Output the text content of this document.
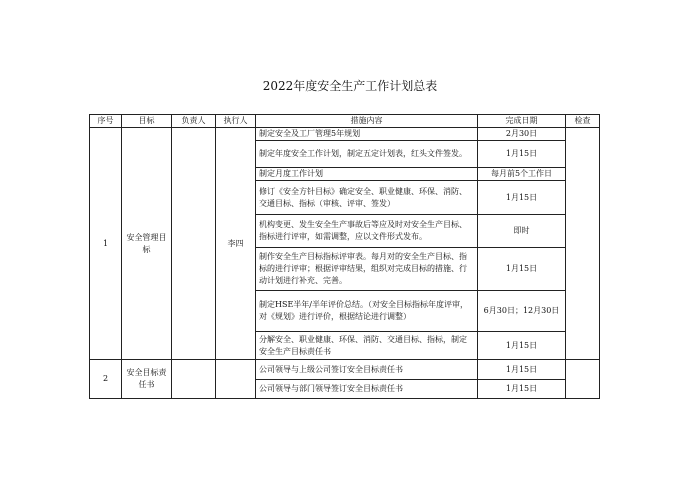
2022年度安全生产工作计划总表
序号	目标	负责人	执行人	措施内容	完成日期	检查
1	安全管理目标		李四	制定安全及工厂管理5年规划	2月30日	
				制定年度安全工作计划，制定五定计划表，红头文件签发。	1月15日	
				制定月度工作计划	每月前5个工作日	
				修订《安全方针目标》确定安全、职业健康、环保、消防、交通目标、指标（审核、评审、签发）	1月15日	
				机构变更、发生安全生产事故后等应及时对安全生产目标、指标进行评审，如需调整，应以文件形式发布。	即时	
				制作安全生产目标指标评审表。每月对的安全生产目标、指标的进行评审；根据评审结果，组织对完成目标的措施、行动计划进行补充、完善。	1月15日	
				制定HSE半年/半年评价总结。（对安全目标指标年度评审，对《规划》进行评价，根据结论进行调整）	6月30日；12月30日	
				分解安全、职业健康、环保、消防、交通目标、指标，制定安全生产目标责任书	1月15日	
2	安全目标责任书			公司领导与上级公司签订安全目标责任书	1月15日	
				公司领导与部门领导签订安全目标责任书	1月15日	
